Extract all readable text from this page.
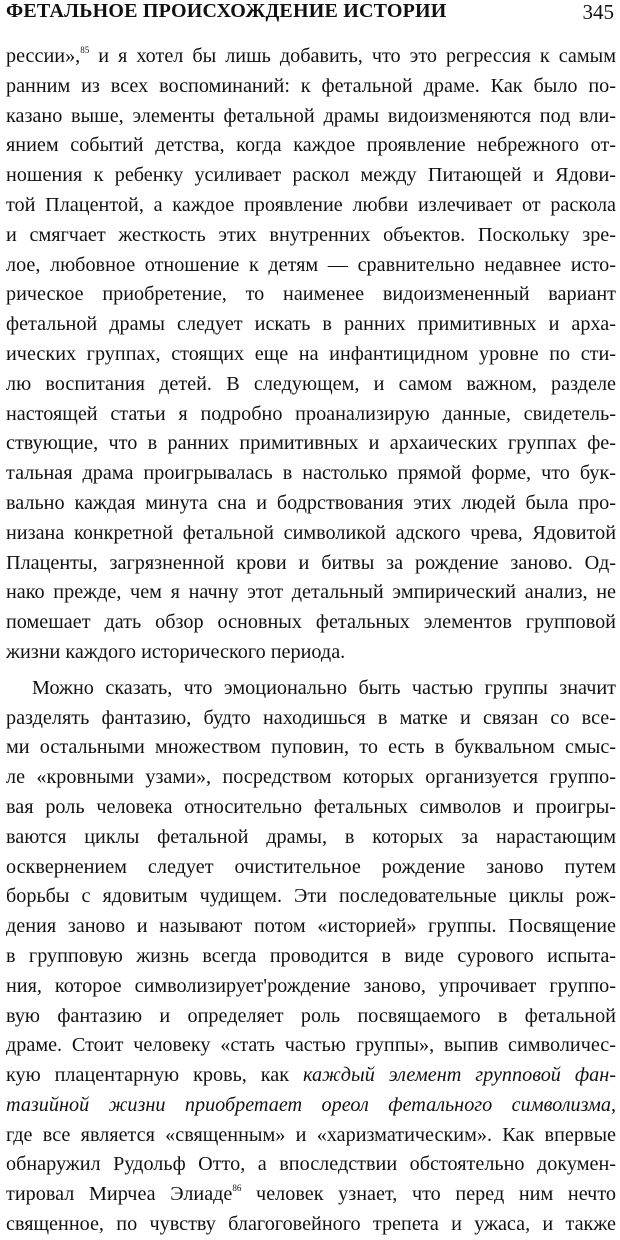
ФЕТАЛЬНОЕ ПРОИСХОЖДЕНИЕ ИСТОРИИ	345
рессии»,$^{85}$ и я хотел бы лишь добавить, что это регрессия к самым
ранним из всех воспоминаний: к фетальной драме. Как было по-
казано выше, элементы фетальной драмы видоизменяются под вли-
янием событий детства, когда каждое проявление небрежного от-
ношения к ребенку усиливает раскол между Питающей и Ядови-
той Плацентой, а каждое проявление любви излечивает от раскола
и смягчает жесткость этих внутренних объектов. Поскольку зре-
лое, любовное отношение к детям — сравнительно недавнее исто-
рическое приобретение, то наименее видоизмененный вариант
фетальной драмы следует искать в ранних примитивных и арха-
ических группах, стоящих еще на инфантицидном уровне по сти-
лю воспитания детей. В следующем, и самом важном, разделе
настоящей статьи я подробно проанализирую данные, свидетель-
ствующие, что в ранних примитивных и архаических группах фе-
тальная драма проигрывалась в настолько прямой форме, что бук-
вально каждая минута сна и бодрствования этих людей была про-
низана конкретной фетальной символикой адского чрева, Ядовитой
Плаценты, загрязненной крови и битвы за рождение заново. Од-
нако прежде, чем я начну этот детальный эмпирический анализ, не
помешает дать обзор основных фетальных элементов групповой
жизни каждого исторического периода.
Можно сказать, что эмоционально быть частью группы значит
разделять фантазию, будто находишься в матке и связан со все-
ми остальными множеством пуповин, то есть в буквальном смыс-
ле «кровными узами», посредством которых организуется группо-
вая роль человека относительно фетальных символов и проигры-
ваются циклы фетальной драмы, в которых за нарастающим
осквернением следует очистительное рождение заново путем
борьбы с ядовитым чудищем. Эти последовательные циклы рож-
дения заново и называют потом «историей» группы. Посвящение
в групповую жизнь всегда проводится в виде сурового испыта-
ния, которое символизирует'рождение заново, упрочивает группо-
вую фантазию и определяет роль посвящаемого в фетальной
драме. Стоит человеку «стать частью группы», выпив символичес-
кую плацентарную кровь, как каждый элемент групповой фан-
тазийной жизни приобретает ореол фетального символизма,
где все является «священным» и «харизматическим». Как впервые
обнаружил Рудольф Отто, а впоследствии обстоятельно докумен-
тировал Мирчеа Элиаде$^{86}$ человек узнает, что перед ним нечто
священное, по чувству благоговейного трепета и ужаса, и также
